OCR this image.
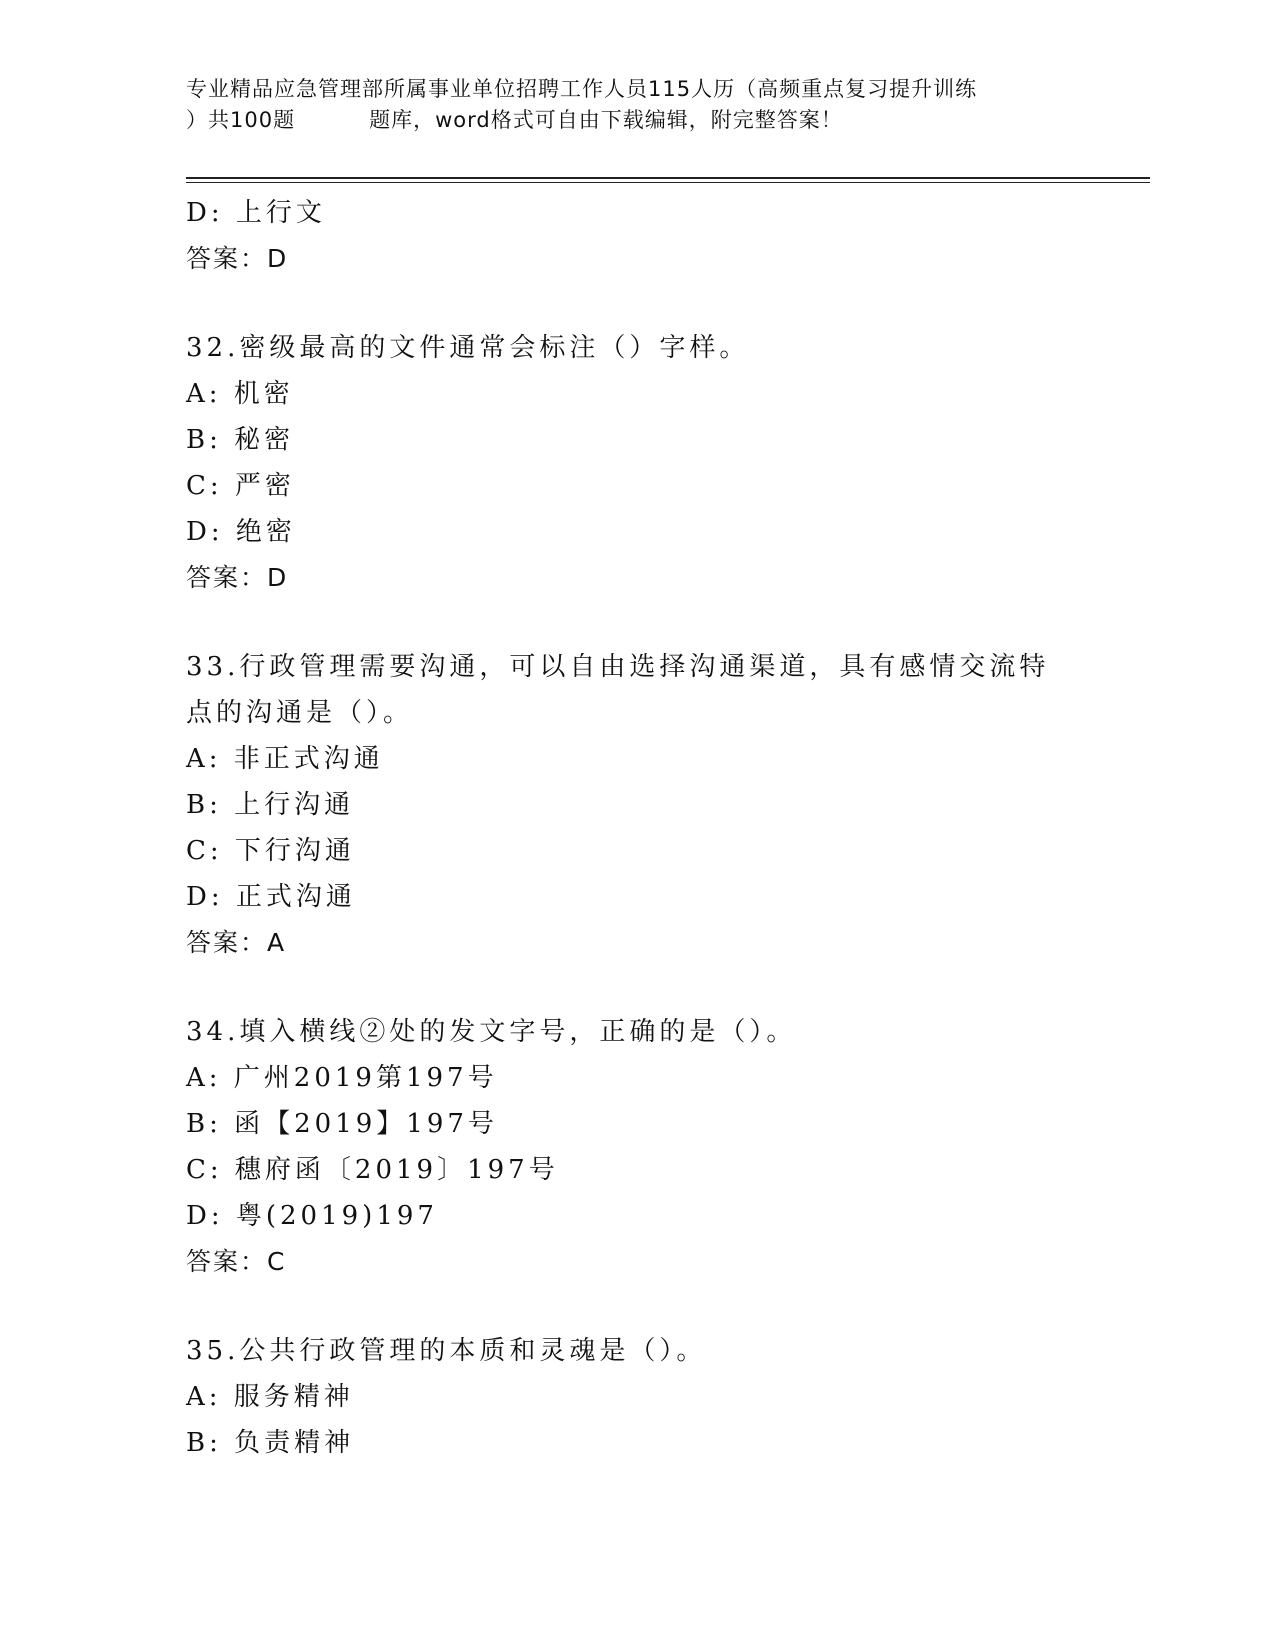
专业精品应急管理部所属事业单位招聘工作人员115人历（高频重点复习提升训练
）共100题	题库，word格式可自由下载编辑，附完整答案！
D: 上行文
答案：D
32.密级最高的文件通常会标注（）字样。
A: 机密
B: 秘密
C: 严密
D: 绝密
答案：D
33.行政管理需要沟通，可以自由选择沟通渠道，具有感情交流特点的沟通是（）。
A: 非正式沟通
B: 上行沟通
C: 下行沟通
D: 正式沟通
答案：A
34.填入横线②处的发文字号，正确的是（）。
A: 广州2019第197号
B: 函【2019】197号
C: 穗府函〔2019〕197号
D: 粤(2019)197
答案：C
35.公共行政管理的本质和灵魂是（）。
A: 服务精神
B: 负责精神
